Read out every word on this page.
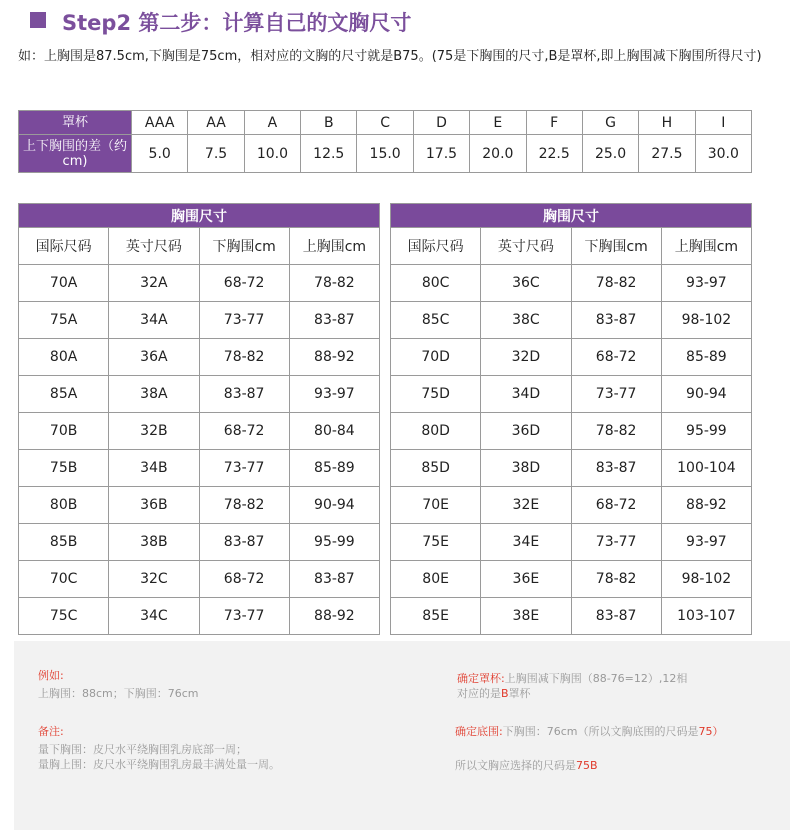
Step2 第二步：计算自己的文胸尺寸
如：上胸围是87.5cm,下胸围是75cm，相对应的文胸的尺寸就是B75。(75是下胸围的尺寸,B是罩杯,即上胸围减下胸围所得尺寸)
罩杯	AAA	AA	A	B	C	D	E	F	G	H	I
上下胸围的差（约cm)	5.0	7.5	10.0	12.5	15.0	17.5	20.0	22.5	25.0	27.5	30.0
胸围尺寸			
国际尺码	英寸尺码	下胸围cm	上胸围cm
70A	32A	68-72	78-82
75A	34A	73-77	83-87
80A	36A	78-82	88-92
85A	38A	83-87	93-97
70B	32B	68-72	80-84
75B	34B	73-77	85-89
80B	36B	78-82	90-94
85B	38B	83-87	95-99
70C	32C	68-72	83-87
75C	34C	73-77	88-92
胸围尺寸			
国际尺码	英寸尺码	下胸围cm	上胸围cm
80C	36C	78-82	93-97
85C	38C	83-87	98-102
70D	32D	68-72	85-89
75D	34D	73-77	90-94
80D	36D	78-82	95-99
85D	38D	83-87	100-104
70E	32E	68-72	88-92
75E	34E	73-77	93-97
80E	36E	78-82	98-102
85E	38E	83-87	103-107
例如:
上胸围：88cm；下胸围：76cm
备注:
量下胸围：皮尺水平绕胸围乳房底部一周；
量胸上围：皮尺水平绕胸围乳房最丰满处量一周。
确定罩杯:上胸围减下胸围（88-76=12）,12相
对应的是B罩杯
确定底围:下胸围：76cm（所以文胸底围的尺码是75）
所以文胸应选择的尺码是75B
